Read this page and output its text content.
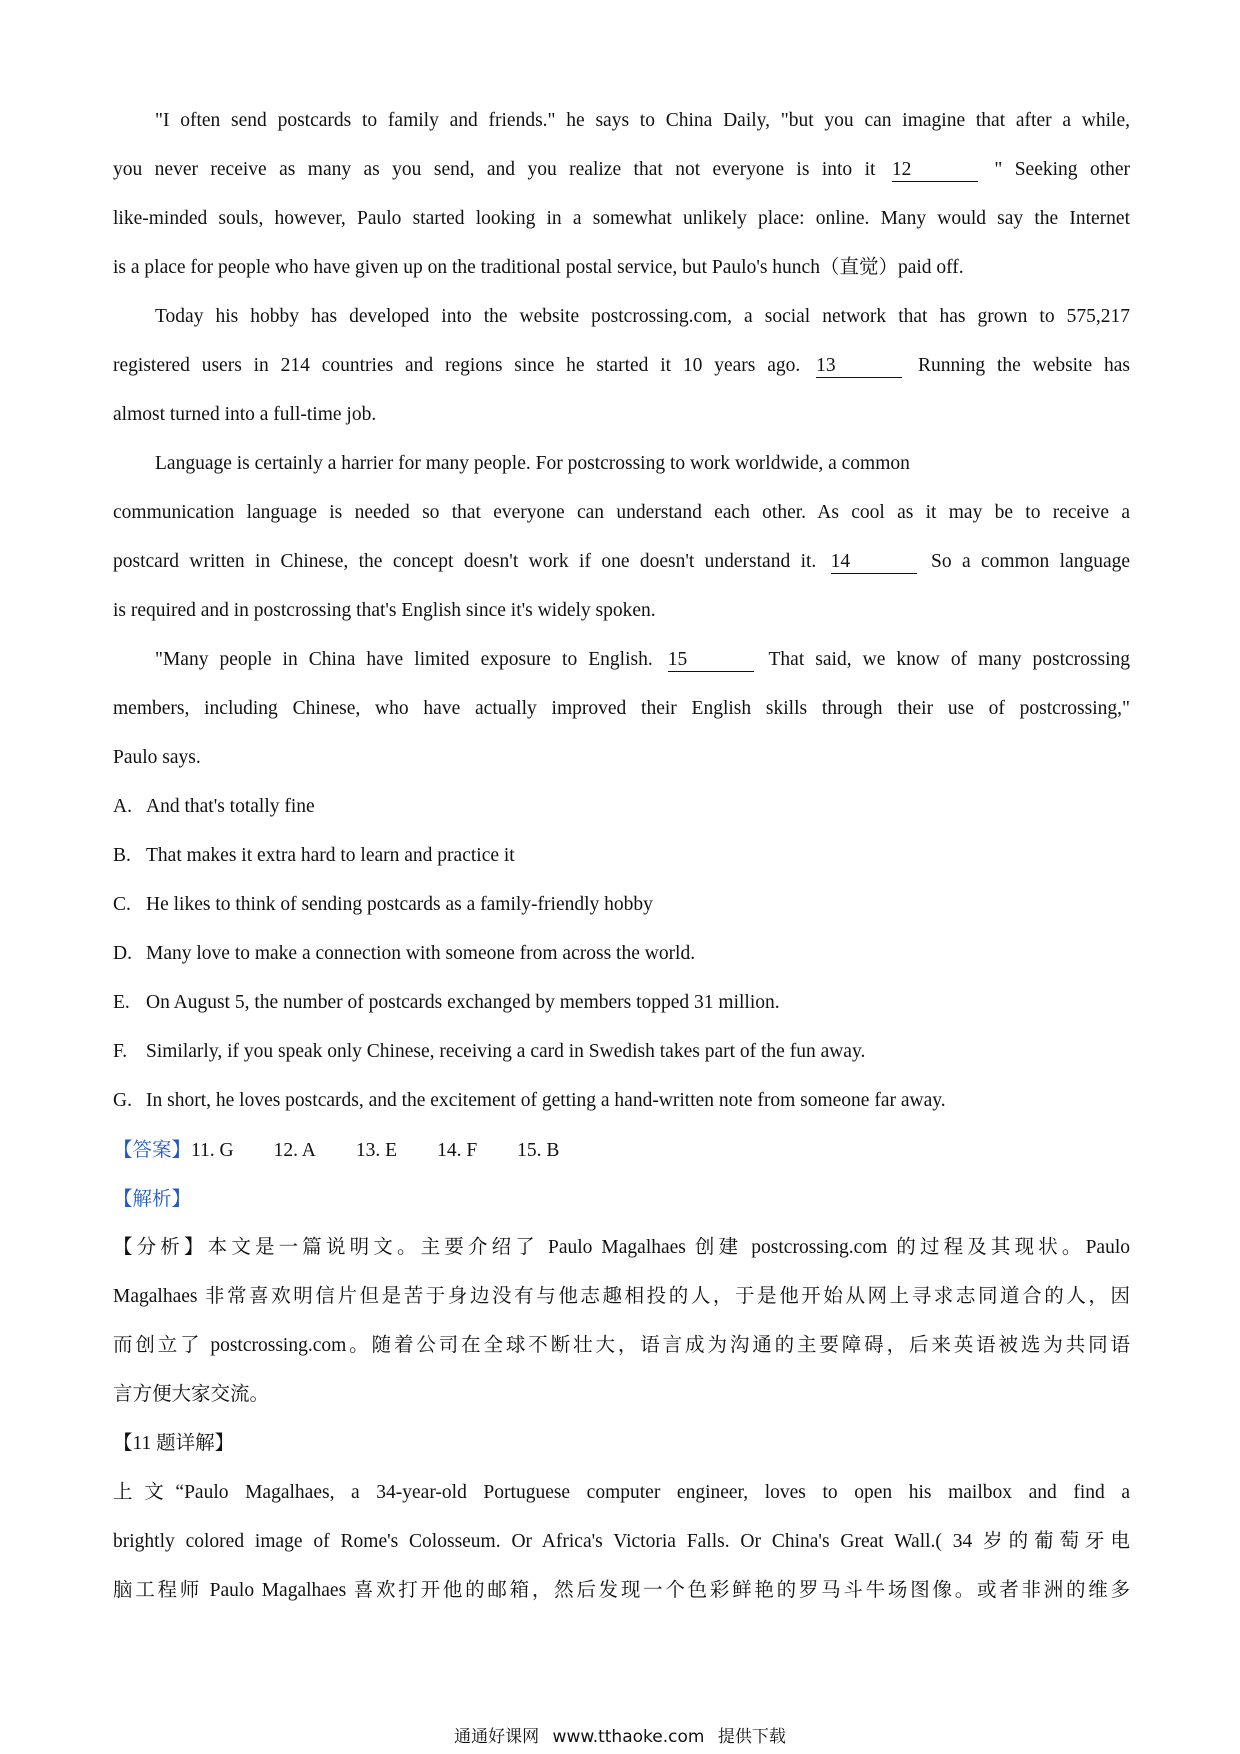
"I often send postcards to family and friends." he says to China Daily, "but you can imagine that after a while,
you never receive as many as you send, and you realize that not everyone is into it 12	" Seeking other
like-minded souls, however, Paulo started looking in a somewhat unlikely place: online. Many would say the Internet
is a place for people who have given up on the traditional postal service, but Paulo's hunch（直觉）paid off.
Today his hobby has developed into the website postcrossing.com, a social network that has grown to 575,217
registered users in 214 countries and regions since he started it 10 years ago. 13	Running the website has
almost turned into a full-time job.
Language is certainly a harrier for many people. For postcrossing to work worldwide, a common
communication language is needed so that everyone can understand each other. As cool as it may be to receive a
postcard written in Chinese, the concept doesn't work if one doesn't understand it. 14	So a common language
is required and in postcrossing that's English since it's widely spoken.
"Many people in China have limited exposure to English. 15	That said, we know of many postcrossing
members, including Chinese, who have actually improved their English skills through their use of postcrossing,"
Paulo says.
A. And that's totally fine
B. That makes it extra hard to learn and practice it
C. He likes to think of sending postcards as a family-friendly hobby
D. Many love to make a connection with someone from across the world.
E. On August 5, the number of postcards exchanged by members topped 31 million.
F. Similarly, if you speak only Chinese, receiving a card in Swedish takes part of the fun away.
G. In short, he loves postcards, and the excitement of getting a hand-written note from someone far away.
【答案】11. G 12. A 13. E 14. F 15. B
【解析】
【分析】本文是一篇说明文。主要介绍了 Paulo Magalhaes 创建 postcrossing.com 的过程及其现状。Paulo
Magalhaes 非常喜欢明信片但是苦于身边没有与他志趣相投的人，于是他开始从网上寻求志同道合的人，因
而创立了 postcrossing.com。随着公司在全球不断壮大，语言成为沟通的主要障碍，后来英语被选为共同语
言方便大家交流。
【11 题详解】
上文“Paulo Magalhaes, a 34-year-old Portuguese computer engineer, loves to open his mailbox and find a
brightly colored image of Rome's Colosseum. Or Africa's Victoria Falls. Or China's Great Wall.( 34 岁的葡萄牙电
脑工程师 Paulo Magalhaes 喜欢打开他的邮箱，然后发现一个色彩鲜艳的罗马斗牛场图像。或者非洲的维多
通通好课网 www.tthaoke.com 提供下载
